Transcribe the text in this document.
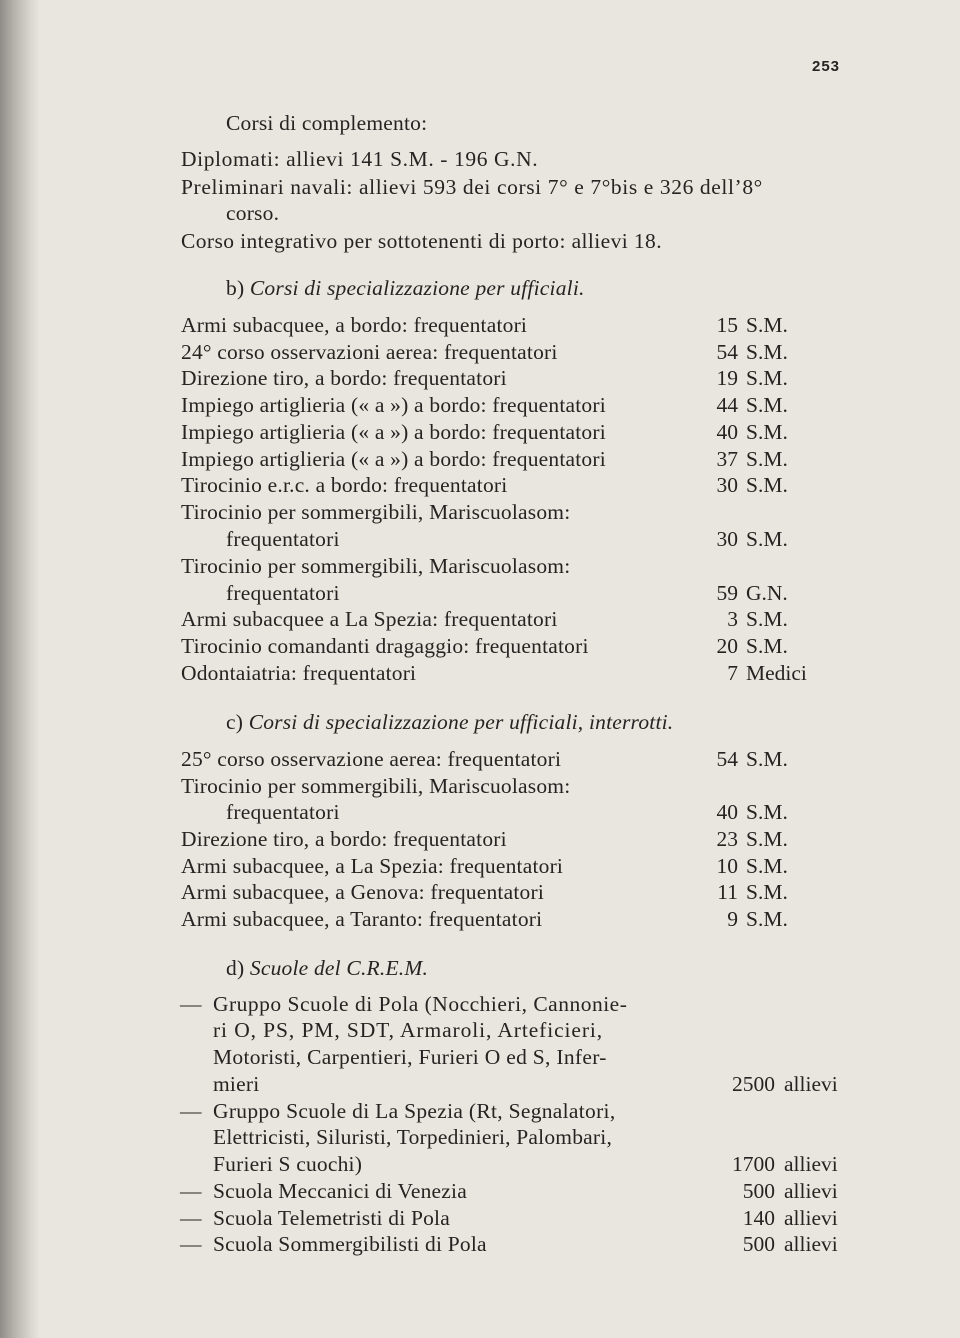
253
Corsi di complemento:
Diplomati: allievi 141 S.M. - 196 G.N.
Preliminari navali: allievi 593 dei corsi 7° e 7°bis e 326 dell’8°
corso.
Corso integrativo per sottotenenti di porto: allievi 18.
b) Corsi di specializzazione per ufficiali.
Armi subacquee, a bordo: frequentatori	15 S.M.
24° corso osservazioni aerea: frequentatori	54 S.M.
Direzione tiro, a bordo: frequentatori	19 S.M.
Impiego artiglieria (« a ») a bordo: frequentatori	44 S.M.
Impiego artiglieria (« a ») a bordo: frequentatori	40 S.M.
Impiego artiglieria (« a ») a bordo: frequentatori	37 S.M.
Tirocinio e.r.c. a bordo: frequentatori	30 S.M.
Tirocinio per sommergibili, Mariscuolasom:
frequentatori	30 S.M.
Tirocinio per sommergibili, Mariscuolasom:
frequentatori	59 G.N.
Armi subacquee a La Spezia: frequentatori	3 S.M.
Tirocinio comandanti dragaggio: frequentatori	20 S.M.
Odontaiatria: frequentatori	7 Medici
c) Corsi di specializzazione per ufficiali, interrotti.
25° corso osservazione aerea: frequentatori	54 S.M.
Tirocinio per sommergibili, Mariscuolasom:
frequentatori	40 S.M.
Direzione tiro, a bordo: frequentatori	23 S.M.
Armi subacquee, a La Spezia: frequentatori	10 S.M.
Armi subacquee, a Genova: frequentatori	11 S.M.
Armi subacquee, a Taranto: frequentatori	9 S.M.
d) Scuole del C.R.E.M.
— Gruppo Scuole di Pola (Nocchieri, Cannonie-
ri O, PS, PM, SDT, Armaroli, Arteficieri,
Motoristi, Carpentieri, Furieri O ed S, Infer-
mieri	2500 allievi
— Gruppo Scuole di La Spezia (Rt, Segnalatori,
Elettricisti, Siluristi, Torpedinieri, Palombari,
Furieri S cuochi)	1700 allievi
— Scuola Meccanici di Venezia	500 allievi
— Scuola Telemetristi di Pola	140 allievi
— Scuola Sommergibilisti di Pola	500 allievi
